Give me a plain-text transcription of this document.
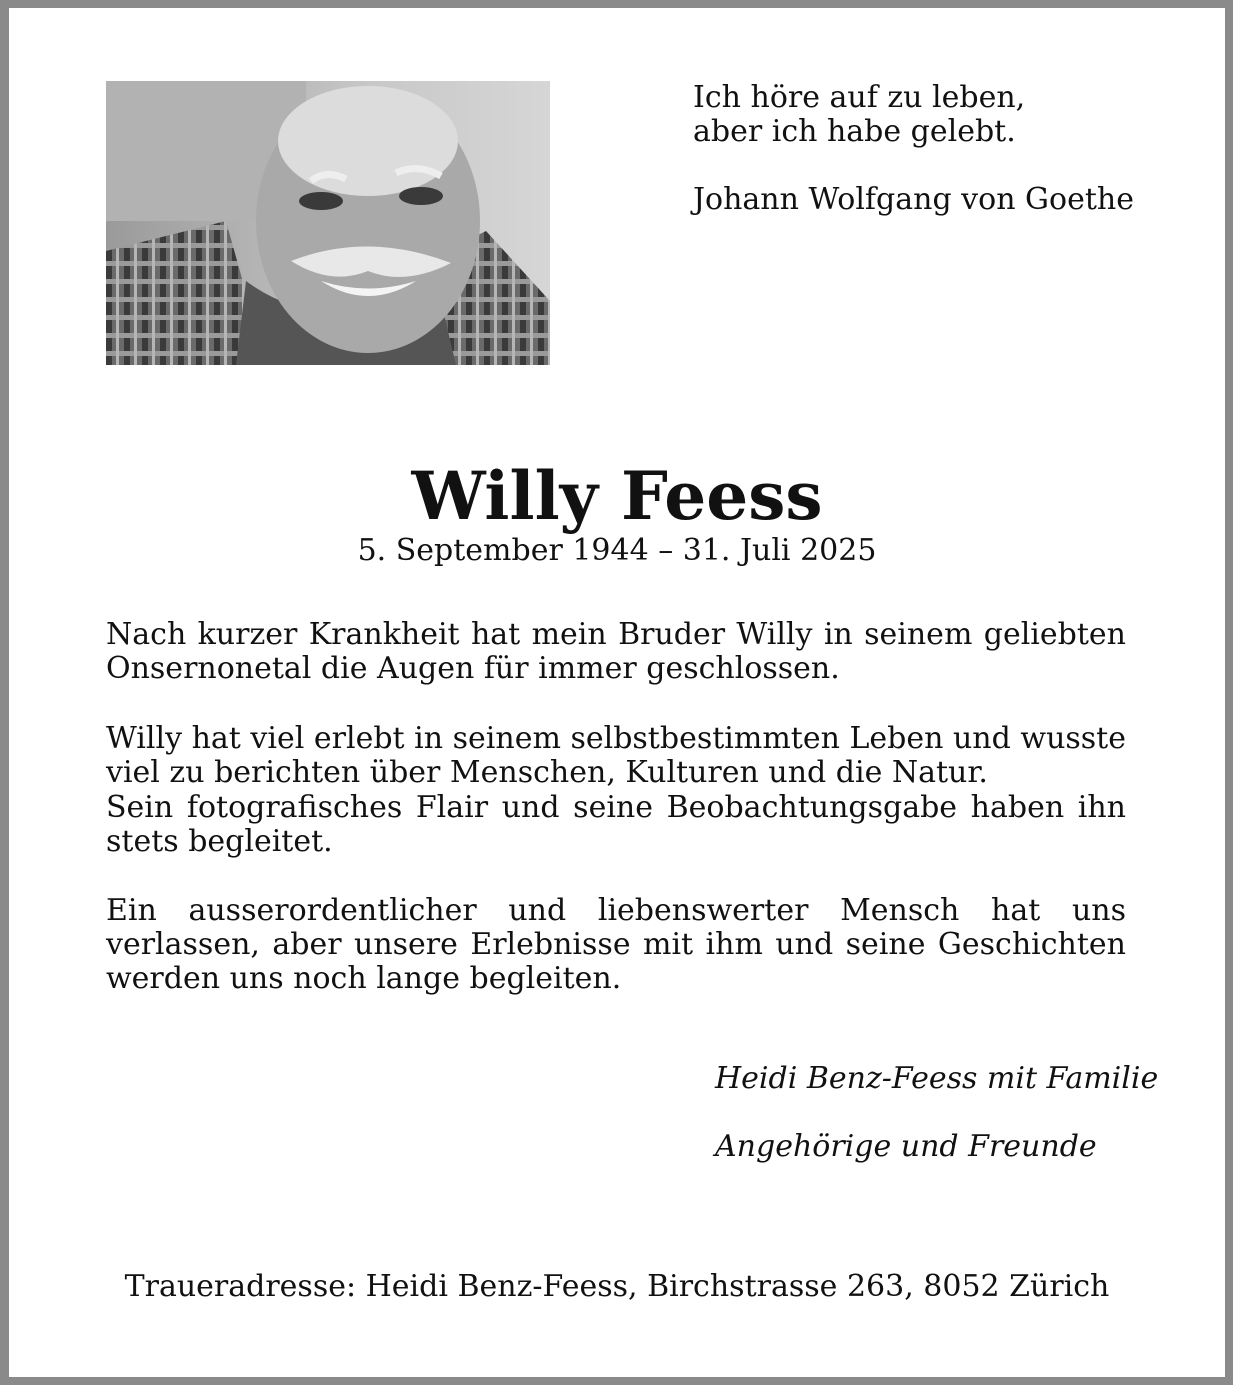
Ich höre auf zu leben,
aber ich habe gelebt.
Johann Wolfgang von Goethe
Willy Feess
5. September 1944 – 31. Juli 2025
Nach kurzer Krankheit hat mein Bruder Willy in seinem geliebten Onsernonetal die Augen für immer geschlossen.
Willy hat viel erlebt in seinem selbstbestimmten Leben und wusste viel zu berichten über Menschen, Kulturen und die Natur.
Sein fotografisches Flair und seine Beobachtungsgabe haben ihn stets begleitet.
Ein ausserordentlicher und liebenswerter Mensch hat uns verlassen, aber unsere Erlebnisse mit ihm und seine Geschichten werden uns noch lange begleiten.
Heidi Benz-Feess mit Familie
Angehörige und Freunde
Traueradresse: Heidi Benz-Feess, Birchstrasse 263, 8052 Zürich
